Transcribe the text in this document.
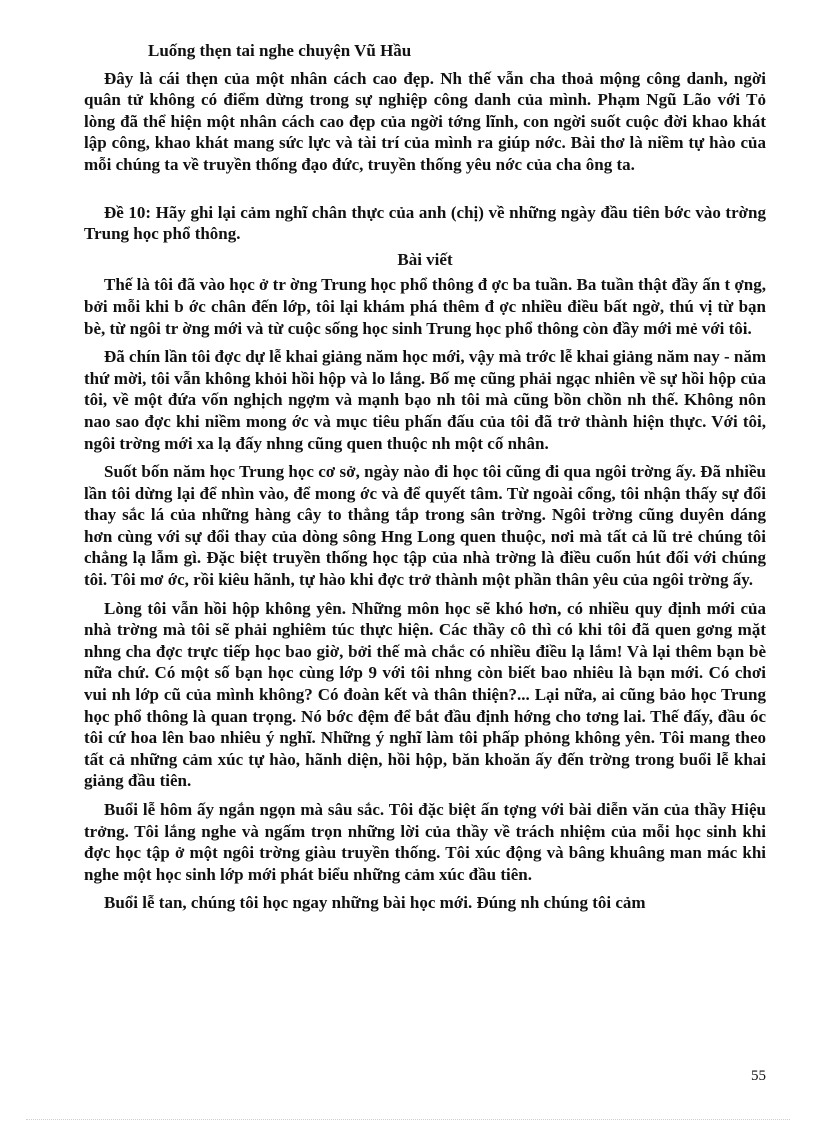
Luống thẹn tai nghe chuyện Vũ Hầu

Đây là cái thẹn của một nhân cách cao đẹp. Nh thế vẫn cha thoả mộng công danh, ngời quân tử không có điểm dừng trong sự nghiệp công danh của mình. Phạm Ngũ Lão với Tỏ lòng đã thể hiện một nhân cách cao đẹp của ngời tớng lĩnh, con ngời suốt cuộc đời khao khát lập công, khao khát mang sức lực và tài trí của mình ra giúp nớc. Bài thơ là niềm tự hào của mỗi chúng ta về truyền thống đạo đức, truyền thống yêu nớc của cha ông ta.

Đề 10: Hãy ghi lại cảm nghĩ chân thực của anh (chị) về những ngày đầu tiên bớc vào trờng Trung học phổ thông.

Bài viết

Thế là tôi đã vào học ở tr ờng Trung học phổ thông đ ợc ba tuần. Ba tuần thật đầy ấn t ợng, bởi mỗi khi b ớc chân đến lớp, tôi lại khám phá thêm đ ợc nhiều điều bất ngờ, thú vị từ bạn bè, từ ngôi tr ờng mới và từ cuộc sống học sinh Trung học phổ thông còn đầy mới mẻ với tôi.

Đã chín lần tôi đợc dự lễ khai giảng năm học mới, vậy mà trớc lễ khai giảng năm nay - năm thứ mời, tôi vẫn không khỏi hồi hộp và lo lắng. Bố mẹ cũng phải ngạc nhiên về sự hồi hộp của tôi, về một đứa vốn nghịch ngợm và mạnh bạo nh tôi mà cũng bồn chồn nh thế. Không nôn nao sao đợc khi niềm mong ớc và mục tiêu phấn đấu của tôi đã trở thành hiện thực. Với tôi, ngôi trờng mới xa lạ đấy nhng cũng quen thuộc nh một cố nhân.

Suốt bốn năm học Trung học cơ sở, ngày nào đi học tôi cũng đi qua ngôi trờng ấy. Đã nhiều lần tôi dừng lại để nhìn vào, để mong ớc và để quyết tâm. Từ ngoài cổng, tôi nhận thấy sự đổi thay sắc lá của những hàng cây to thẳng tắp trong sân trờng. Ngôi trờng cũng duyên dáng hơn cùng với sự đổi thay của dòng sông Hng Long quen thuộc, nơi mà tất cả lũ trẻ chúng tôi chẳng lạ lẫm gì. Đặc biệt truyền thống học tập của nhà trờng là điều cuốn hút đối với chúng tôi. Tôi mơ ớc, rồi kiêu hãnh, tự hào khi đợc trở thành một phần thân yêu của ngôi trờng ấy.

Lòng tôi vẫn hồi hộp không yên. Những môn học sẽ khó hơn, có nhiều quy định mới của nhà trờng mà tôi sẽ phải nghiêm túc thực hiện. Các thầy cô thì có khi tôi đã quen gơng mặt nhng cha đợc trực tiếp học bao giờ, bởi thế mà chắc có nhiều điều lạ lắm! Và lại thêm bạn bè nữa chứ. Có một số bạn học cùng lớp 9 với tôi nhng còn biết bao nhiêu là bạn mới. Có chơi vui nh lớp cũ của mình không? Có đoàn kết và thân thiện?... Lại nữa, ai cũng bảo học Trung học phổ thông là quan trọng. Nó bớc đệm để bắt đầu định hớng cho tơng lai. Thế đấy, đầu óc tôi cứ hoa lên bao nhiêu ý nghĩ. Những ý nghĩ làm tôi phấp phỏng không yên. Tôi mang theo tất cả những cảm xúc tự hào, hãnh diện, hồi hộp, băn khoăn ấy đến trờng trong buổi lễ khai giảng đầu tiên.

Buổi lễ hôm ấy ngắn ngọn mà sâu sắc. Tôi đặc biệt ấn tợng với bài diễn văn của thầy Hiệu trởng. Tôi lắng nghe và ngấm trọn những lời của thầy về trách nhiệm của mỗi học sinh khi đợc học tập ở một ngôi trờng giàu truyền thống. Tôi xúc động và bâng khuâng man mác khi nghe một học sinh lớp mới phát biểu những cảm xúc đầu tiên.

Buổi lễ tan, chúng tôi học ngay những bài học mới. Đúng nh chúng tôi cảm

55
